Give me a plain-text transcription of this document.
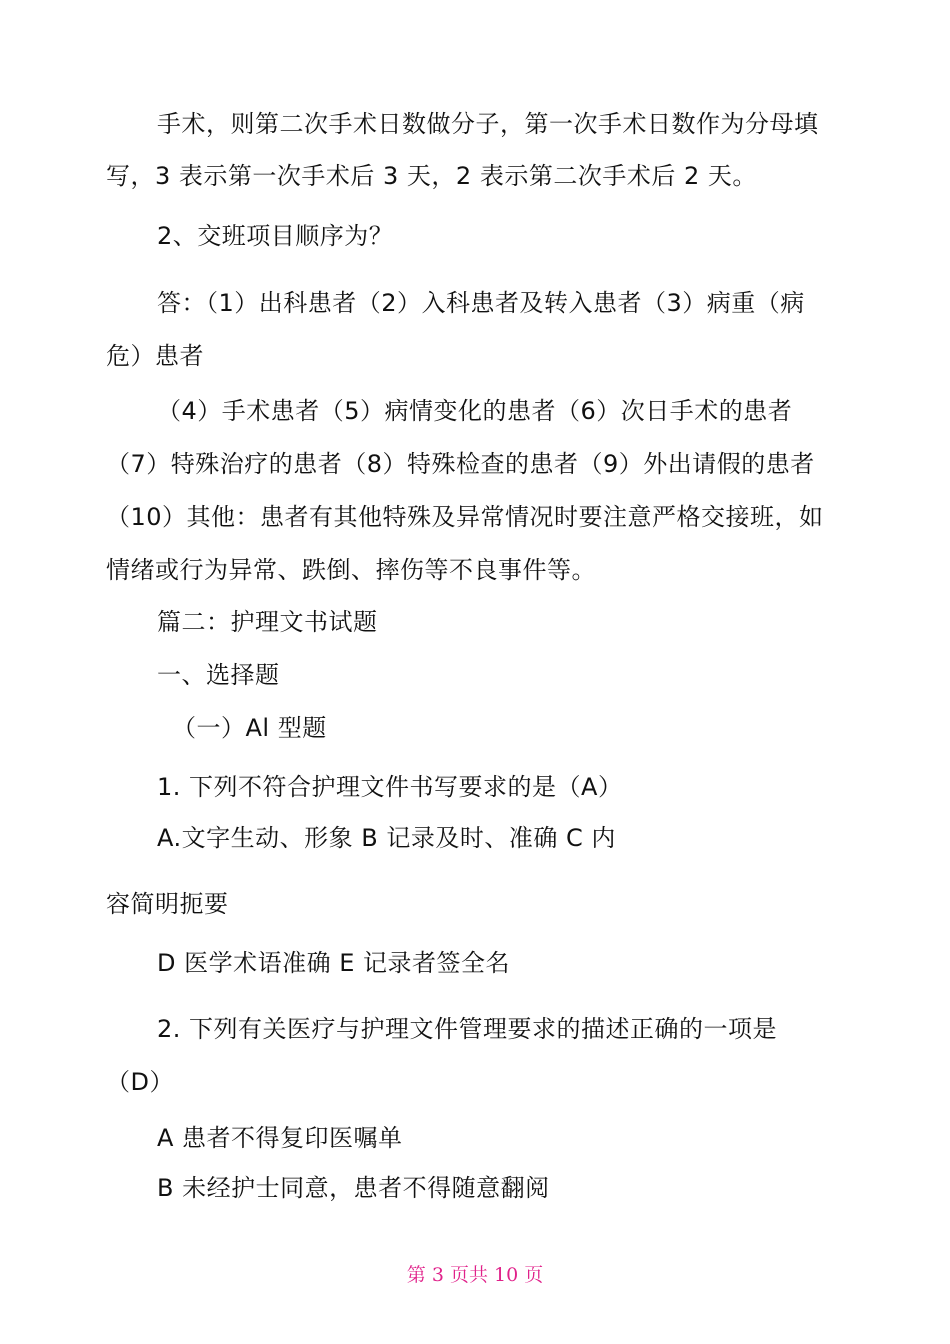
手术，则第二次手术日数做分子，第一次手术日数作为分母填
写，3 表示第一次手术后 3 天，2 表示第二次手术后 2 天。
2、交班项目顺序为？
答：（1）出科患者（2）入科患者及转入患者（3）病重（病
危）患者
（4）手术患者（5）病情变化的患者（6）次日手术的患者
（7）特殊治疗的患者（8）特殊检查的患者（9）外出请假的患者
（10）其他：患者有其他特殊及异常情况时要注意严格交接班，如
情绪或行为异常、跌倒、摔伤等不良事件等。
篇二：护理文书试题
一、选择题
（一）Al 型题
1. 下列不符合护理文件书写要求的是（A）
A.文字生动、形象 B 记录及时、准确 C 内
容简明扼要
D 医学术语准确 E 记录者签全名
2. 下列有关医疗与护理文件管理要求的描述正确的一项是
（D）
A 患者不得复印医嘱单
B 未经护士同意，患者不得随意翻阅
第 3 页共 10 页
